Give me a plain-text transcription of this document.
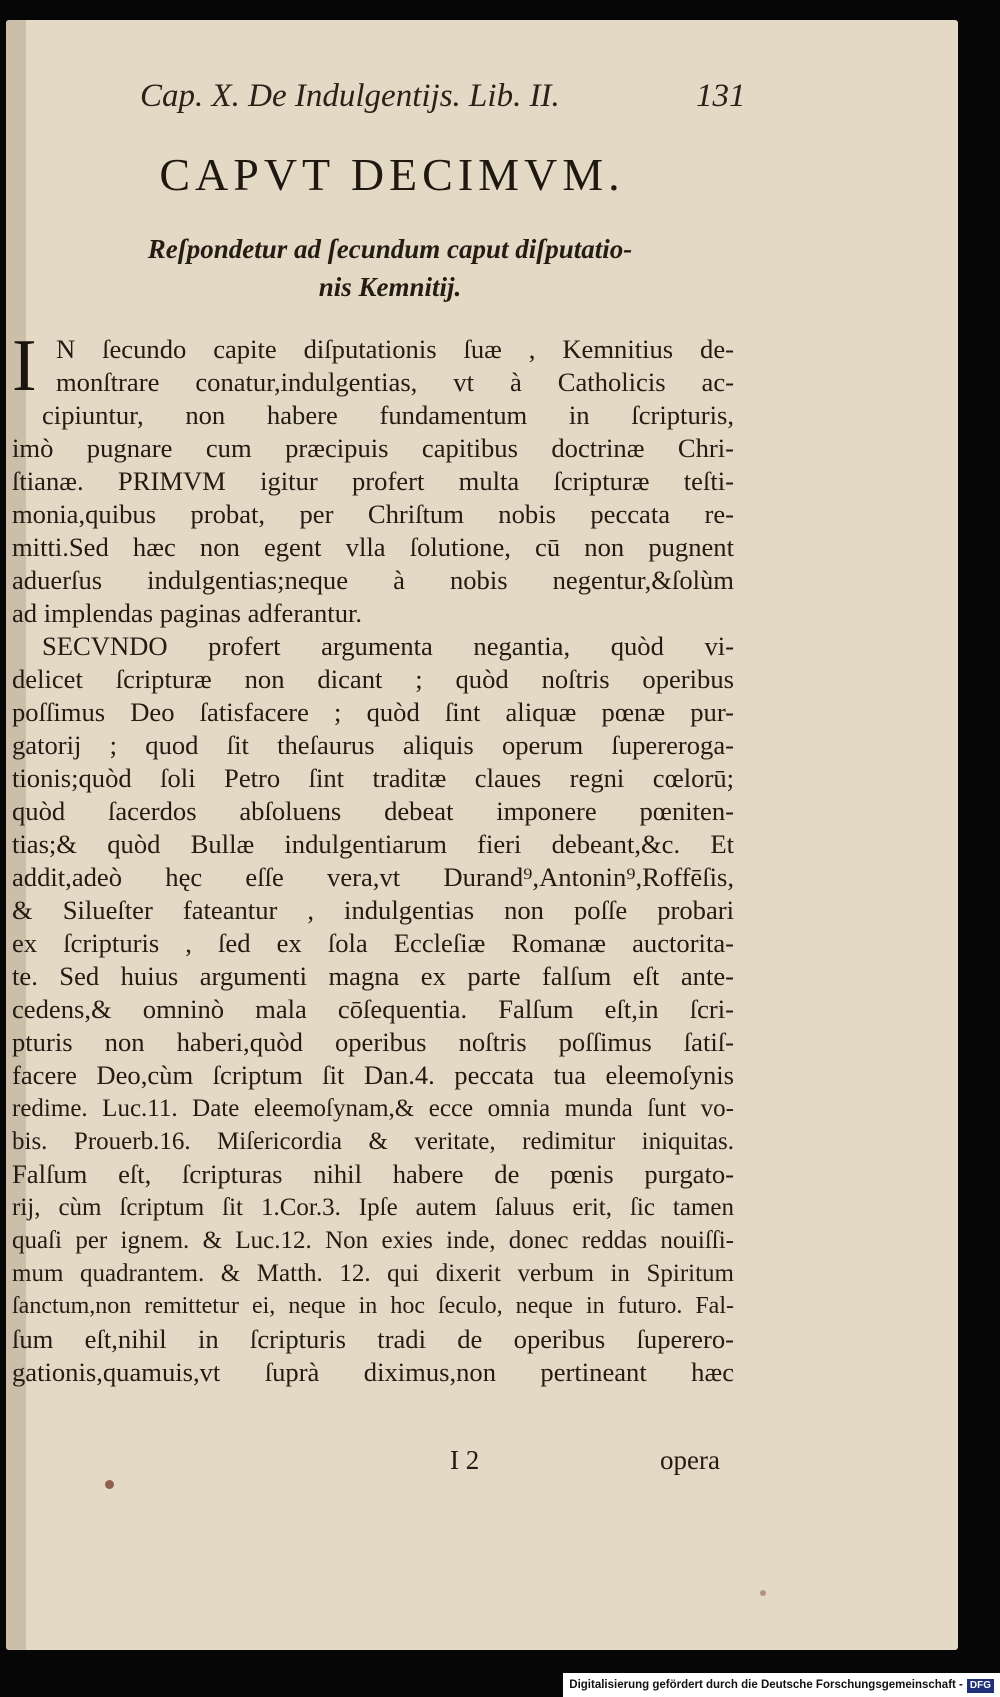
Cap. X. De Indulgentijs. Lib. II.	131
CAPVT DECIMVM.
Reſpondetur ad ſecundum caput diſputatio-
nis Kemnitij.
I N ſecundo capite diſputationis ſuæ , Kemnitius de-
monſtrare conatur,indulgentias, vt à Catholicis ac-
cipiuntur, non habere fundamentum in ſcripturis,
imò pugnare cum præcipuis capitibus doctrinæ Chri-
ſtianæ. PRIMVM igitur profert multa ſcripturæ teſti-
monia,quibus probat, per Chriſtum nobis peccata re-
mitti.Sed hæc non egent vlla ſolutione, cū non pugnent
aduerſus indulgentias;neque à nobis negentur,&ſolùm
ad implendas paginas adferantur.
SECVNDO profert argumenta negantia, quòd vi-
delicet ſcripturæ non dicant ; quòd noſtris operibus
poſſimus Deo ſatisfacere ; quòd ſint aliquæ pœnæ pur-
gatorij ; quod ſit theſaurus aliquis operum ſupereroga-
tionis;quòd ſoli Petro ſint traditæ claues regni cœlorū;
quòd ſacerdos abſoluens debeat imponere pœniten-
tias;& quòd Bullæ indulgentiarum fieri debeant,&c. Et
addit,adeò hęc eſſe vera,vt Durand⁹,Antonin⁹,Roffēſis,
& Silueſter fateantur , indulgentias non poſſe probari
ex ſcripturis , ſed ex ſola Eccleſiæ Romanæ auctorita-
te. Sed huius argumenti magna ex parte falſum eſt ante-
cedens,& omninò mala cōſequentia. Falſum eſt,in ſcri-
pturis non haberi,quòd operibus noſtris poſſimus ſatiſ-
facere Deo,cùm ſcriptum ſit Dan.4. peccata tua eleemoſynis
redime. Luc.11. Date eleemoſynam,& ecce omnia munda ſunt vo-
bis. Prouerb.16. Miſericordia & veritate, redimitur iniquitas.
Falſum eſt, ſcripturas nihil habere de pœnis purgato-
rij, cùm ſcriptum ſit 1.Cor.3. Ipſe autem ſaluus erit, ſic tamen
quaſi per ignem. & Luc.12. Non exies inde, donec reddas nouiſſi-
mum quadrantem. & Matth. 12. qui dixerit verbum in Spiritum
ſanctum,non remittetur ei, neque in hoc ſeculo, neque in futuro. Fal-
ſum eſt,nihil in ſcripturis tradi de operibus ſuperero-
gationis,quamuis,vt ſuprà diximus,non pertineant hæc
I 2	opera
Digitalisierung gefördert durch die Deutsche Forschungsgemeinschaft - DFG
